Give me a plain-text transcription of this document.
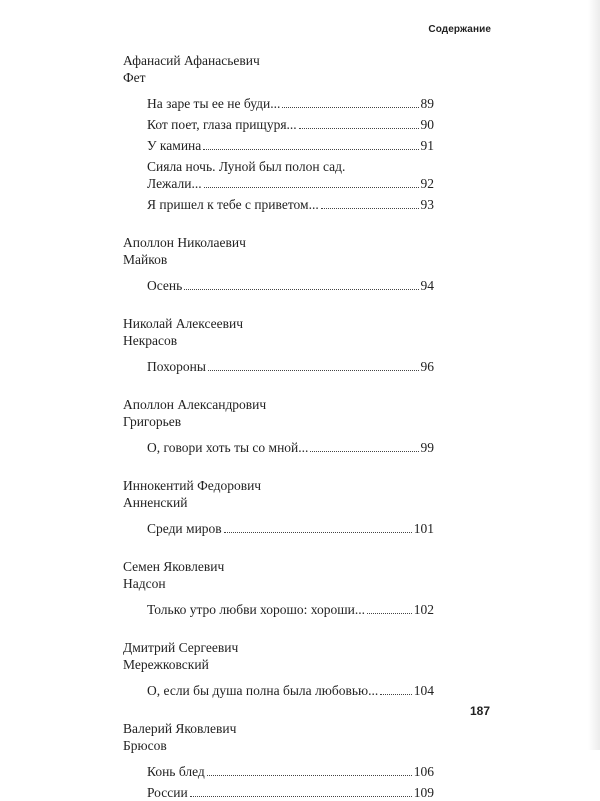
Содержание
Афанасий Афанасьевич
Фет
На заре ты ее не буди...	89
Кот поет, глаза прищуря...	90
У камина	91
Сияла ночь. Луной был полон сад.
Лежали...	92
Я пришел к тебе с приветом...	93
Аполлон Николаевич
Майков
Осень	94
Николай Алексеевич
Некрасов
Похороны	96
Аполлон Александрович
Григорьев
О, говори хоть ты со мной...	99
Иннокентий Федорович
Анненский
Среди миров	101
Семен Яковлевич
Надсон
Только утро любви хорошо: хороши...	102
Дмитрий Сергеевич
Мережковский
О, если бы душа полна была любовью...	104
Валерий Яковлевич
Брюсов
Конь блед	106
России	109
187
